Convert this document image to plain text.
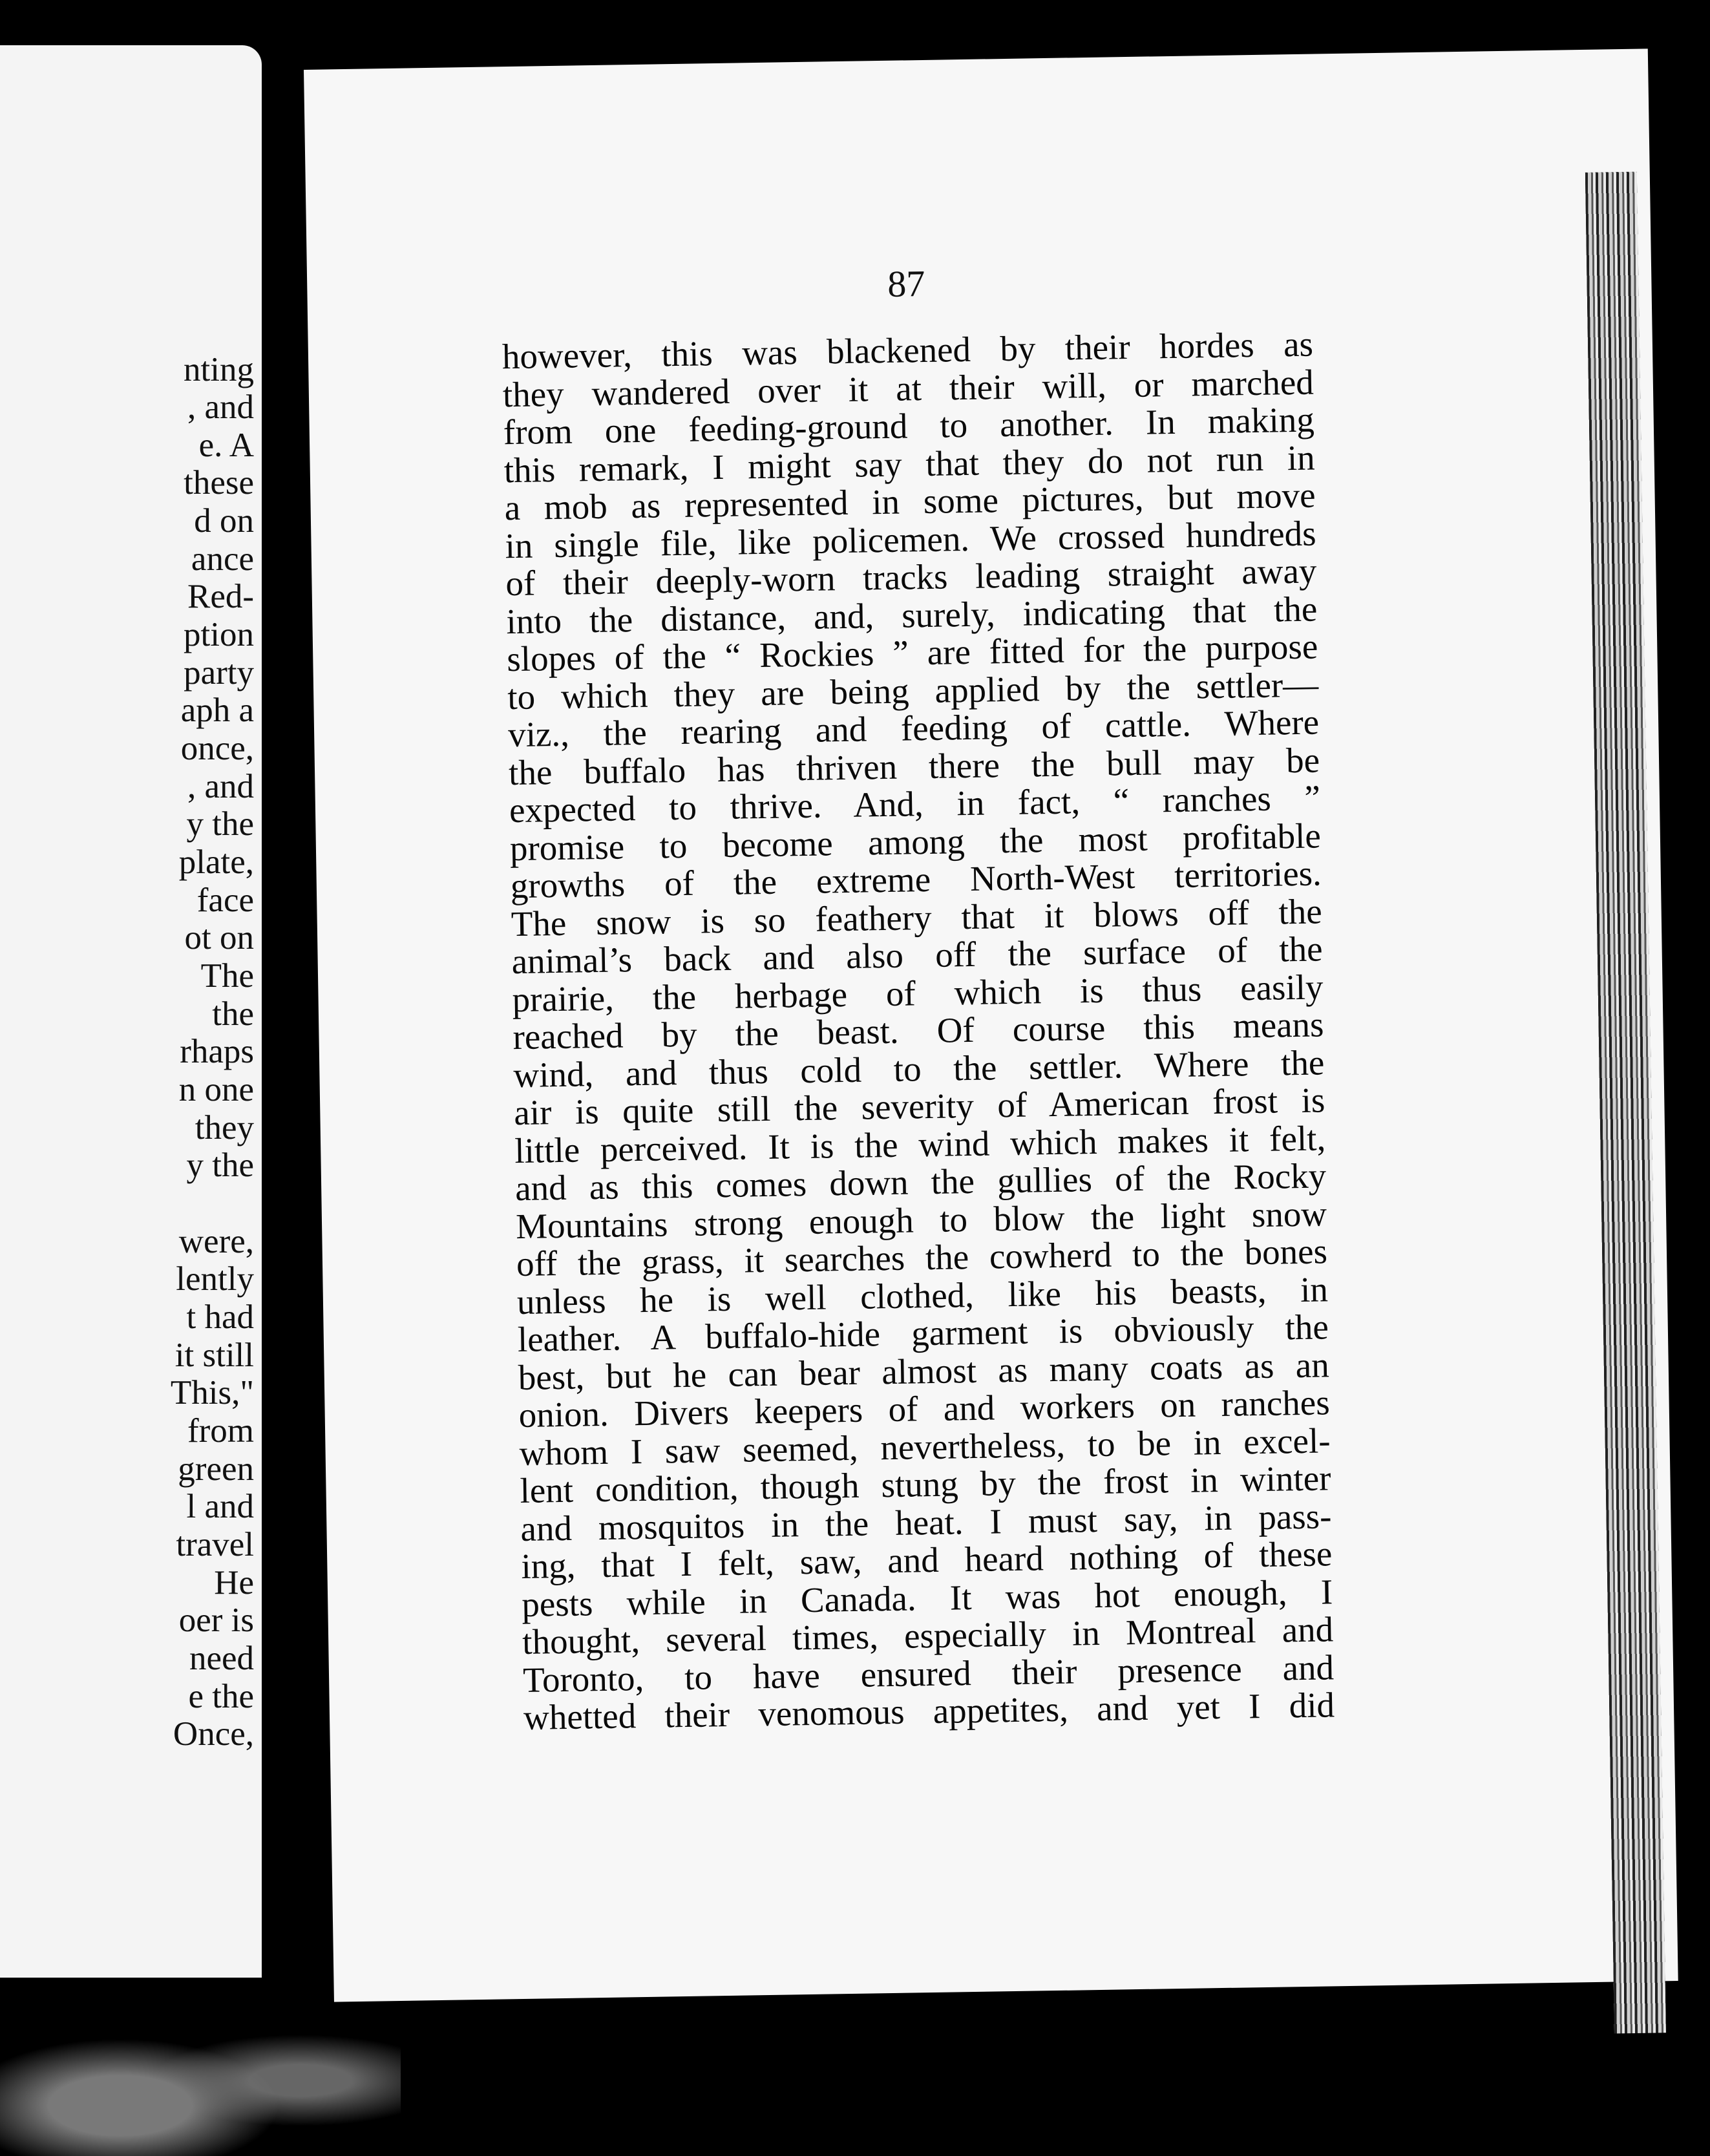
nting
, and
e. A
these
d on
ance
Red-
ption
party
aph a
once,
, and
y the
plate,
face
ot on
The
the
rhaps
n one
they
y the
were,
lently
t had
it still
This,"
from
green
l and
travel
He
oer is
need
e the
Once,
87
however, this was blackened by their hordes as
they wandered over it at their will, or marched
from one feeding-ground to another. In making
this remark, I might say that they do not run in
a mob as represented in some pictures, but move
in single file, like policemen. We crossed hundreds
of their deeply-worn tracks leading straight away
into the distance, and, surely, indicating that the
slopes of the “ Rockies ” are fitted for the purpose
to which they are being applied by the settler—
viz., the rearing and feeding of cattle. Where
the buffalo has thriven there the bull may be
expected to thrive. And, in fact, “ ranches ”
promise to become among the most profitable
growths of the extreme North-West territories.
The snow is so feathery that it blows off the
animal’s back and also off the surface of the
prairie, the herbage of which is thus easily
reached by the beast. Of course this means
wind, and thus cold to the settler. Where the
air is quite still the severity of American frost is
little perceived. It is the wind which makes it felt,
and as this comes down the gullies of the Rocky
Mountains strong enough to blow the light snow
off the grass, it searches the cowherd to the bones
unless he is well clothed, like his beasts, in
leather. A buffalo-hide garment is obviously the
best, but he can bear almost as many coats as an
onion. Divers keepers of and workers on ranches
whom I saw seemed, nevertheless, to be in excel-
lent condition, though stung by the frost in winter
and mosquitos in the heat. I must say, in pass-
ing, that I felt, saw, and heard nothing of these
pests while in Canada. It was hot enough, I
thought, several times, especially in Montreal and
Toronto, to have ensured their presence and
whetted their venomous appetites, and yet I did
